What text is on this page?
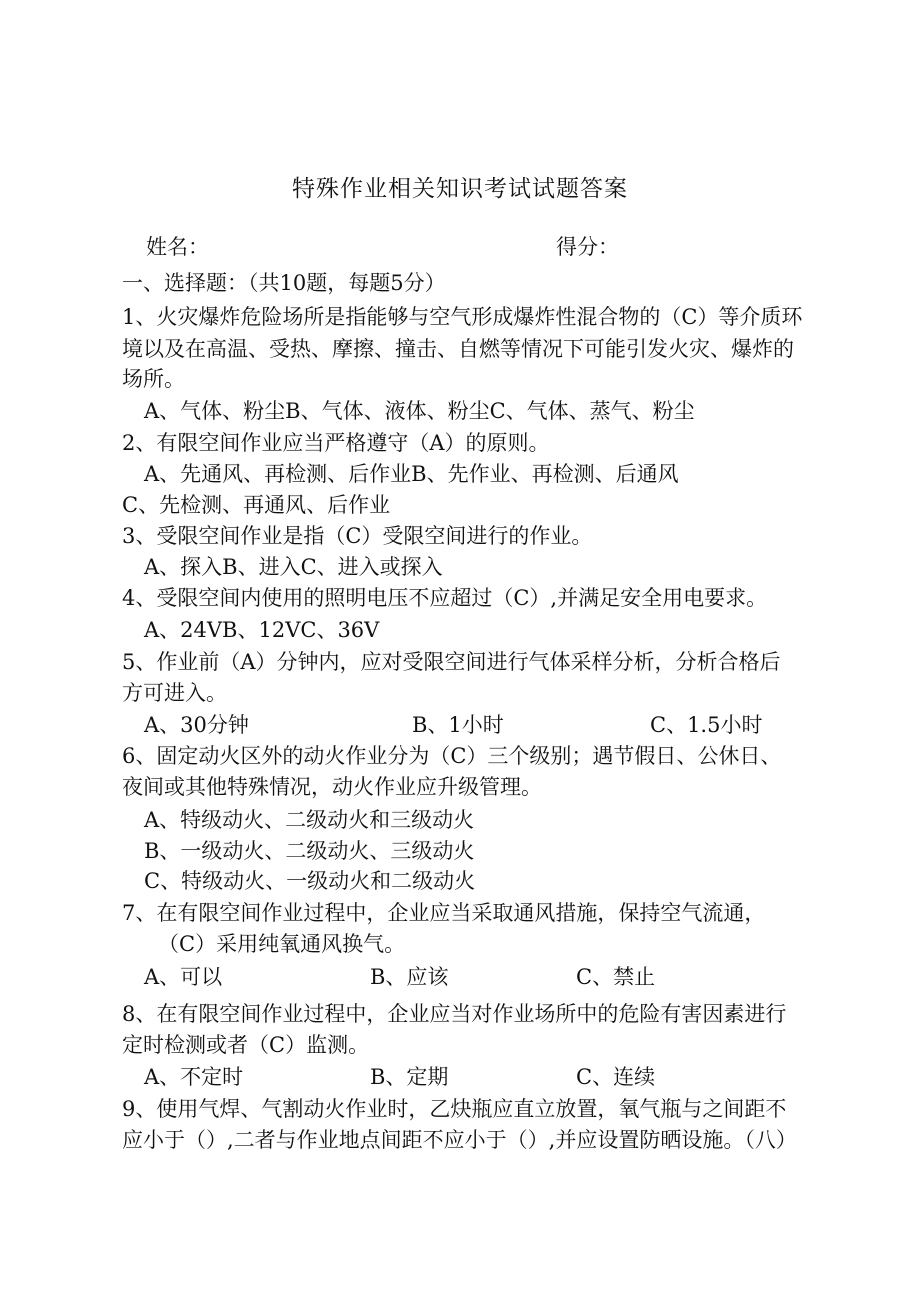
特殊作业相关知识考试试题答案
姓名：	得分：
一、选择题：（共10题，每题5分）
1、火灾爆炸危险场所是指能够与空气形成爆炸性混合物的（C）等介质环
境以及在高温、受热、摩擦、撞击、自燃等情况下可能引发火灾、爆炸的
场所。
A、气体、粉尘B、气体、液体、粉尘C、气体、蒸气、粉尘
2、有限空间作业应当严格遵守（A）的原则。
A、先通风、再检测、后作业B、先作业、再检测、后通风
C、先检测、再通风、后作业
3、受限空间作业是指（C）受限空间进行的作业。
A、探入B、进入C、进入或探入
4、受限空间内使用的照明电压不应超过（C）,并满足安全用电要求。
A、24VB、12VC、36V
5、作业前（A）分钟内，应对受限空间进行气体采样分析，分析合格后
方可进入。
A、30分钟	B、1小时	C、1.5小时
6、固定动火区外的动火作业分为（C）三个级别；遇节假日、公休日、
夜间或其他特殊情况，动火作业应升级管理。
A、特级动火、二级动火和三级动火
B、一级动火、二级动火、三级动火
C、特级动火、一级动火和二级动火
7、在有限空间作业过程中，企业应当采取通风措施，保持空气流通，
（C）采用纯氧通风换气。
A、可以	B、应该	C、禁止
8、在有限空间作业过程中，企业应当对作业场所中的危险有害因素进行
定时检测或者（C）监测。
A、不定时	B、定期	C、连续
9、使用气焊、气割动火作业时，乙炔瓶应直立放置，氧气瓶与之间距不
应小于（）,二者与作业地点间距不应小于（）,并应设置防晒设施。（八）
